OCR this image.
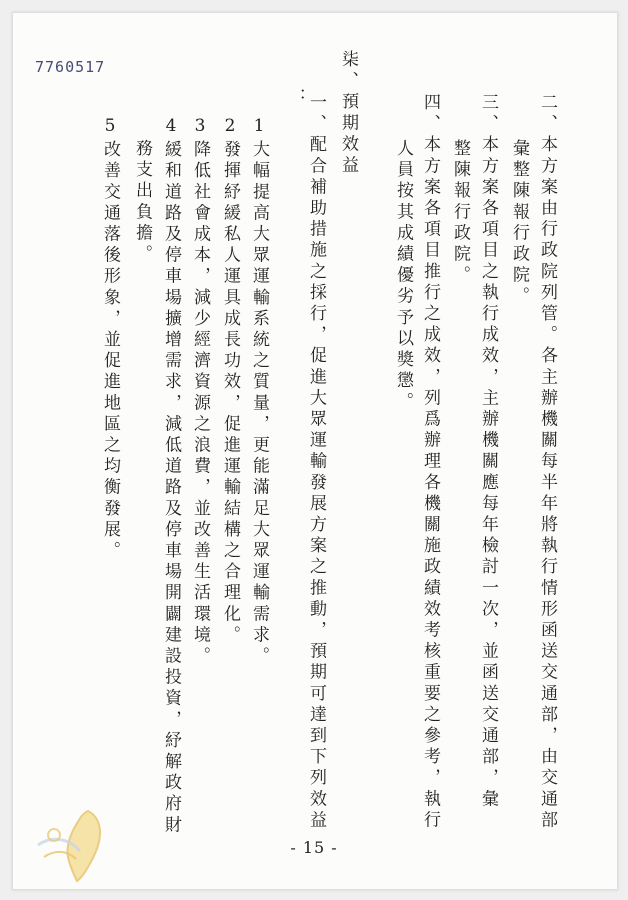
7760517
二、本方案由行政院列管。各主辦機關每半年將執行情形函送交通部，由交通部
彙整陳報行政院。
三、本方案各項目之執行成效，主辦機關應每年檢討一次，並函送交通部，彙
整陳報行政院。
四、本方案各項目推行之成效，列爲辦理各機關施政績效考核重要之參考，執行
人員按其成績優劣予以獎懲。
柒、預期效益
： 一、配合補助措施之採行，促進大眾運輸發展方案之推動，預期可達到下列效益
1大幅提高大眾運輸系統之質量，更能滿足大眾運輸需求。
2發揮紓緩私人運具成長功效，促進運輸結構之合理化。
3降低社會成本，減少經濟資源之浪費，並改善生活環境。
4緩和道路及停車場擴增需求，減低道路及停車場開闢建設投資，紓解政府財
務支出負擔。
5改善交通落後形象，並促進地區之均衡發展。
- 15 -
